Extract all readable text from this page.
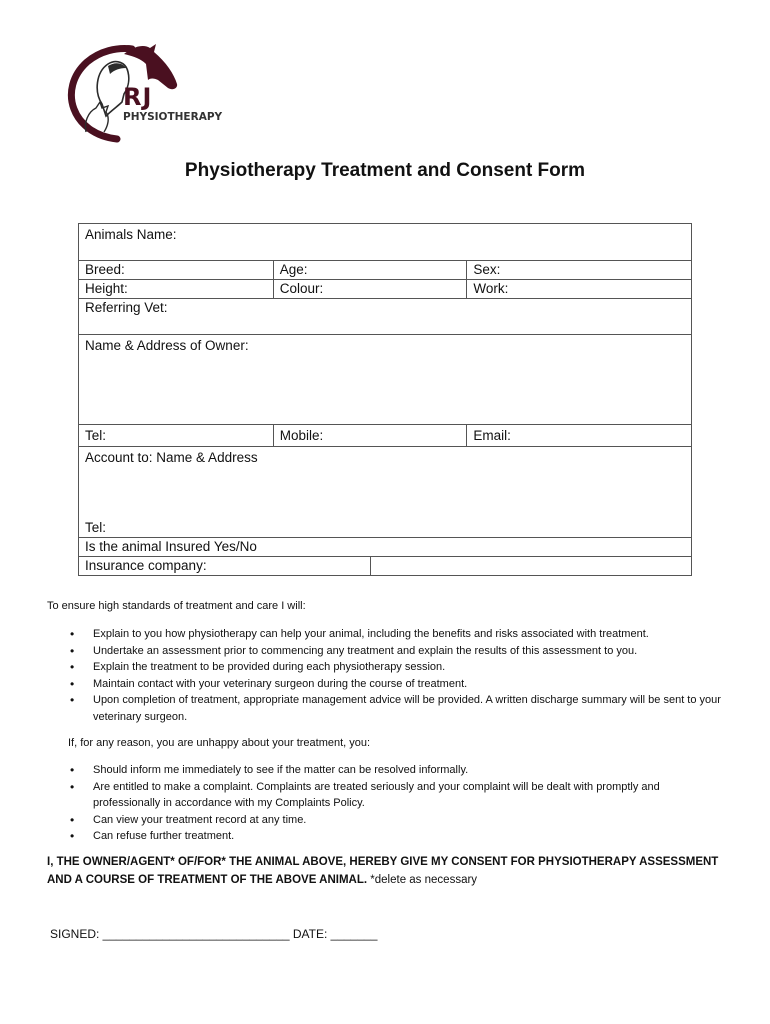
RJ
PHYSIOTHERAPY
Physiotherapy Treatment and Consent Form
Animals Name:			
Breed:	Age:		Sex:
Height:	Colour:		Work:
Referring Vet:			
Name & Address of Owner:			
Tel:	Mobile:		Email:

Account to: Name & Address
Tel:			

Is the animal Insured Yes/No			
Insurance company:			
To ensure high standards of treatment and care I will:
• Explain to you how physiotherapy can help your animal, including the benefits and risks associated with treatment.
• Undertake an assessment prior to commencing any treatment and explain the results of this assessment to you.
• Explain the treatment to be provided during each physiotherapy session.
• Maintain contact with your veterinary surgeon during the course of treatment.
• Upon completion of treatment, appropriate management advice will be provided. A written discharge summary will be sent to your veterinary surgeon.
If, for any reason, you are unhappy about your treatment, you:
• Should inform me immediately to see if the matter can be resolved informally.
• Are entitled to make a complaint. Complaints are treated seriously and your complaint will be dealt with promptly and professionally in accordance with my Complaints Policy.
• Can view your treatment record at any time.
• Can refuse further treatment.
I, THE OWNER/AGENT* OF/FOR* THE ANIMAL ABOVE, HEREBY GIVE MY CONSENT FOR PHYSIOTHERAPY ASSESSMENT AND A COURSE OF TREATMENT OF THE ABOVE ANIMAL. *delete as necessary
SIGNED: ____________________________ DATE: _______
